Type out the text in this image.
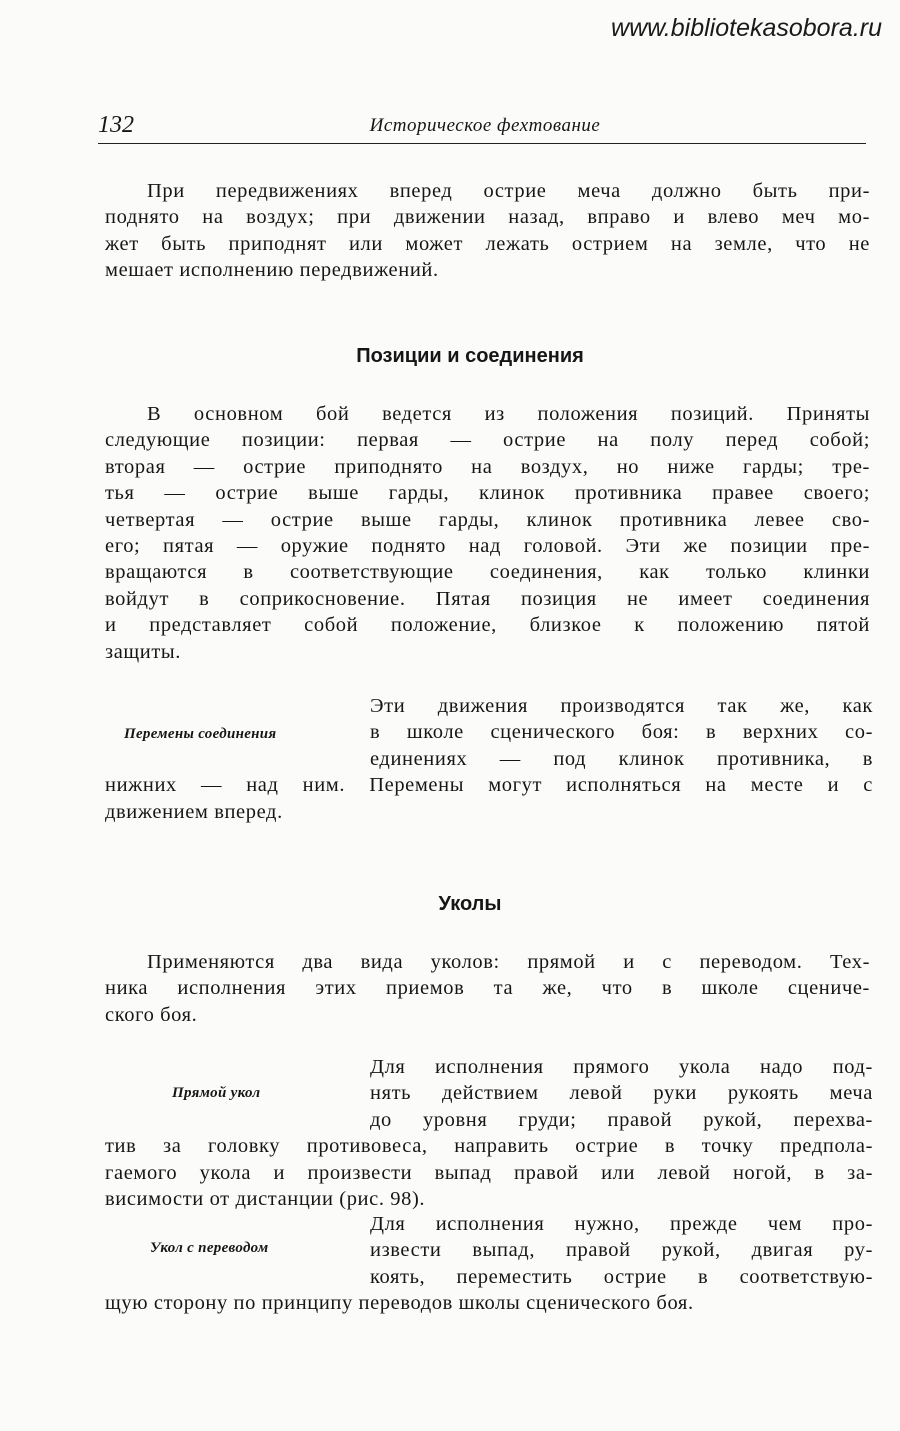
www.bibliotekasobora.ru
132	Историческое фехтование
При передвижениях вперед острие меча должно быть при-
поднято на воздух; при движении назад, вправо и влево меч мо-
жет быть приподнят или может лежать острием на земле, что не
мешает исполнению передвижений.
Позиции и соединения
В основном бой ведется из положения позиций. Приняты
следующие позиции: первая — острие на полу перед собой;
вторая — острие приподнято на воздух, но ниже гарды; тре-
тья — острие выше гарды, клинок противника правее своего;
четвертая — острие выше гарды, клинок противника левее сво-
его; пятая — оружие поднято над головой. Эти же позиции пре-
вращаются в соответствующие соединения, как только клинки
войдут в соприкосновение. Пятая позиция не имеет соединения
и представляет собой положение, близкое к положению пятой
защиты.
Перемены соединения
Эти движения производятся так же, как
в школе сценического боя: в верхних со-
единениях — под клинок противника, в
нижних — над ним. Перемены могут исполняться на месте и с
движением вперед.
Уколы
Применяются два вида уколов: прямой и с переводом. Тех-
ника исполнения этих приемов та же, что в школе сцениче-
ского боя.
Прямой укол
Для исполнения прямого укола надо под-
нять действием левой руки рукоять меча
до уровня груди; правой рукой, перехва-
тив за головку противовеса, направить острие в точку предпола-
гаемого укола и произвести выпад правой или левой ногой, в за-
висимости от дистанции (рис. 98).
Укол с переводом
Для исполнения нужно, прежде чем про-
извести выпад, правой рукой, двигая ру-
коять, переместить острие в соответствую-
щую сторону по принципу переводов школы сценического боя.
